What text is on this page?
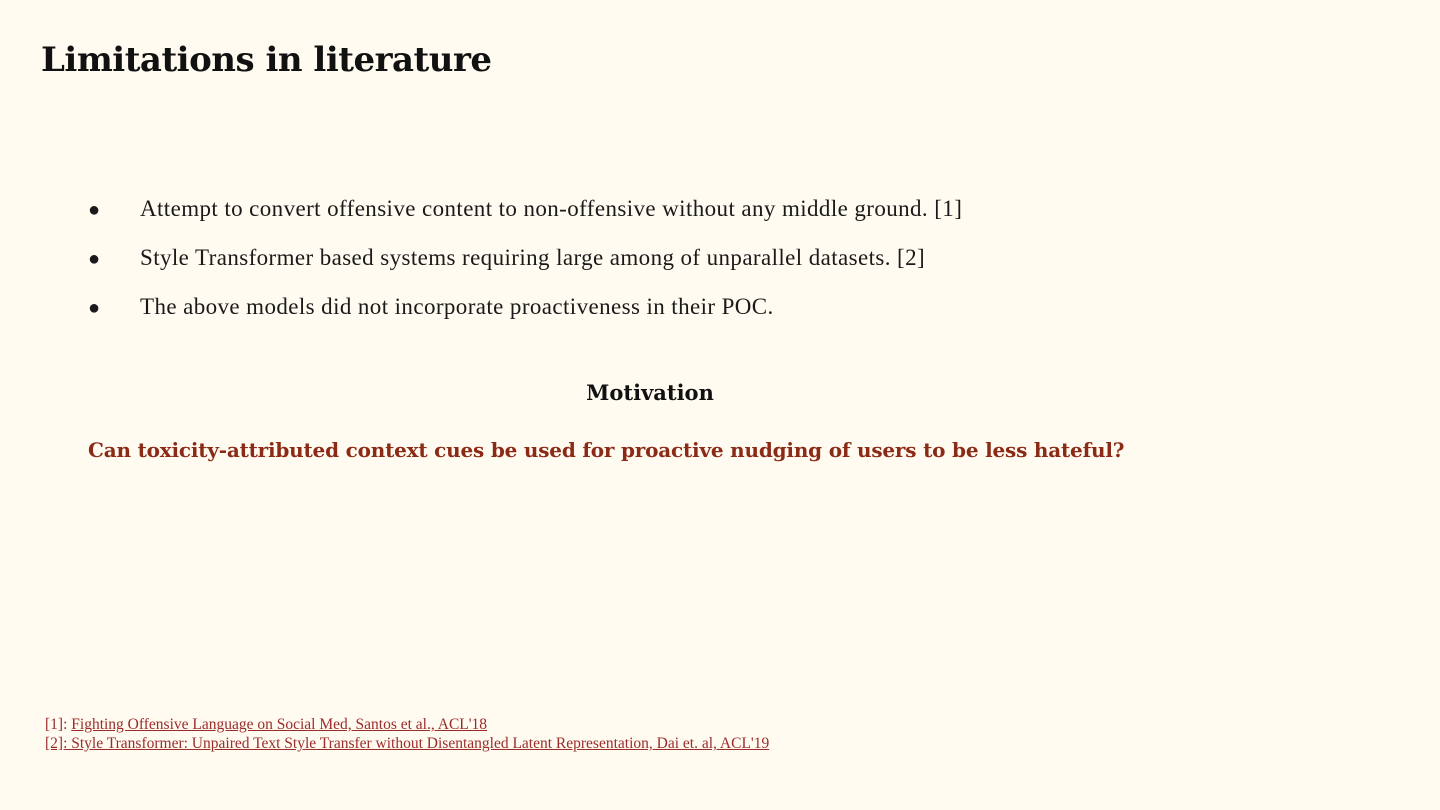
Limitations in literature
●	Attempt to convert offensive content to non-offensive without any middle ground. [1]
●	Style Transformer based systems requiring large among of unparallel datasets. [2]
●	The above models did not incorporate proactiveness in their POC.
Motivation

Can toxicity-attributed context cues be used for proactive nudging of users to be less hateful?

[1]: Fighting Offensive Language on Social Med, Santos et al., ACL'18
[2]: Style Transformer: Unpaired Text Style Transfer without Disentangled Latent Representation, Dai et. al, ACL'19
